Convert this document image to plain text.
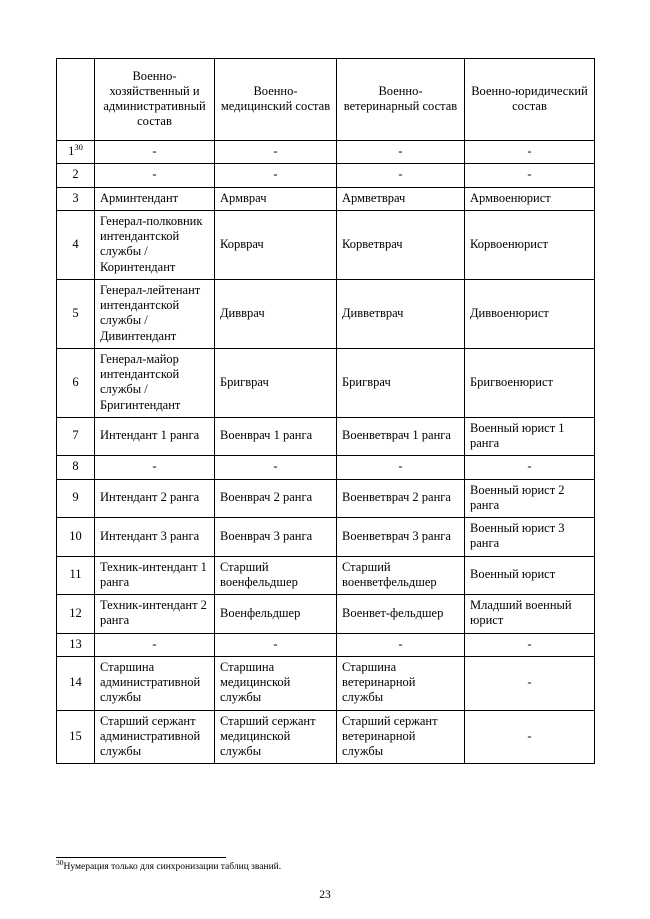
	Военно-хозяйственный и административный состав	Военно-медицинский состав	Военно-ветеринарный состав	Военно-юридический состав
1$^{30}$	-	-	-	-
2	-	-	-	-
3	Арминтендант	Армврач	Армветврач	Армвоенюрист
4	Генерал-полковник интендантской службы / Коринтендант	Корврач	Корветврач	Корвоенюрист
5	Генерал-лейтенант интендантской службы / Дивинтендант	Дивврач	Дивветврач	Диввоенюрист
6	Генерал-майор интендантской службы / Бригинтендант	Бригврач	Бригврач	Бригвоенюрист
7	Интендант 1 ранга	Военврач 1 ранга	Военветврач 1 ранга	Военный юрист 1 ранга
8	-	-	-	-
9	Интендант 2 ранга	Военврач 2 ранга	Военветврач 2 ранга	Военный юрист 2 ранга
10	Интендант 3 ранга	Военврач 3 ранга	Военветврач 3 ранга	Военный юрист 3 ранга
11	Техник-интендант 1 ранга	Старший военфельдшер	Старший военветфельдшер	Военный юрист
12	Техник-интендант 2 ранга	Военфельдшер	Военвет-фельдшер	Младший военный юрист
13	-	-	-	-
14	Старшина административной службы	Старшина медицинской службы	Старшина ветеринарной службы	-
15	Старший сержант административной службы	Старший сержант медицинской службы	Старший сержант ветеринарной службы	-
$^{30}$Нумерация только для синхронизации таблиц званий.
23
